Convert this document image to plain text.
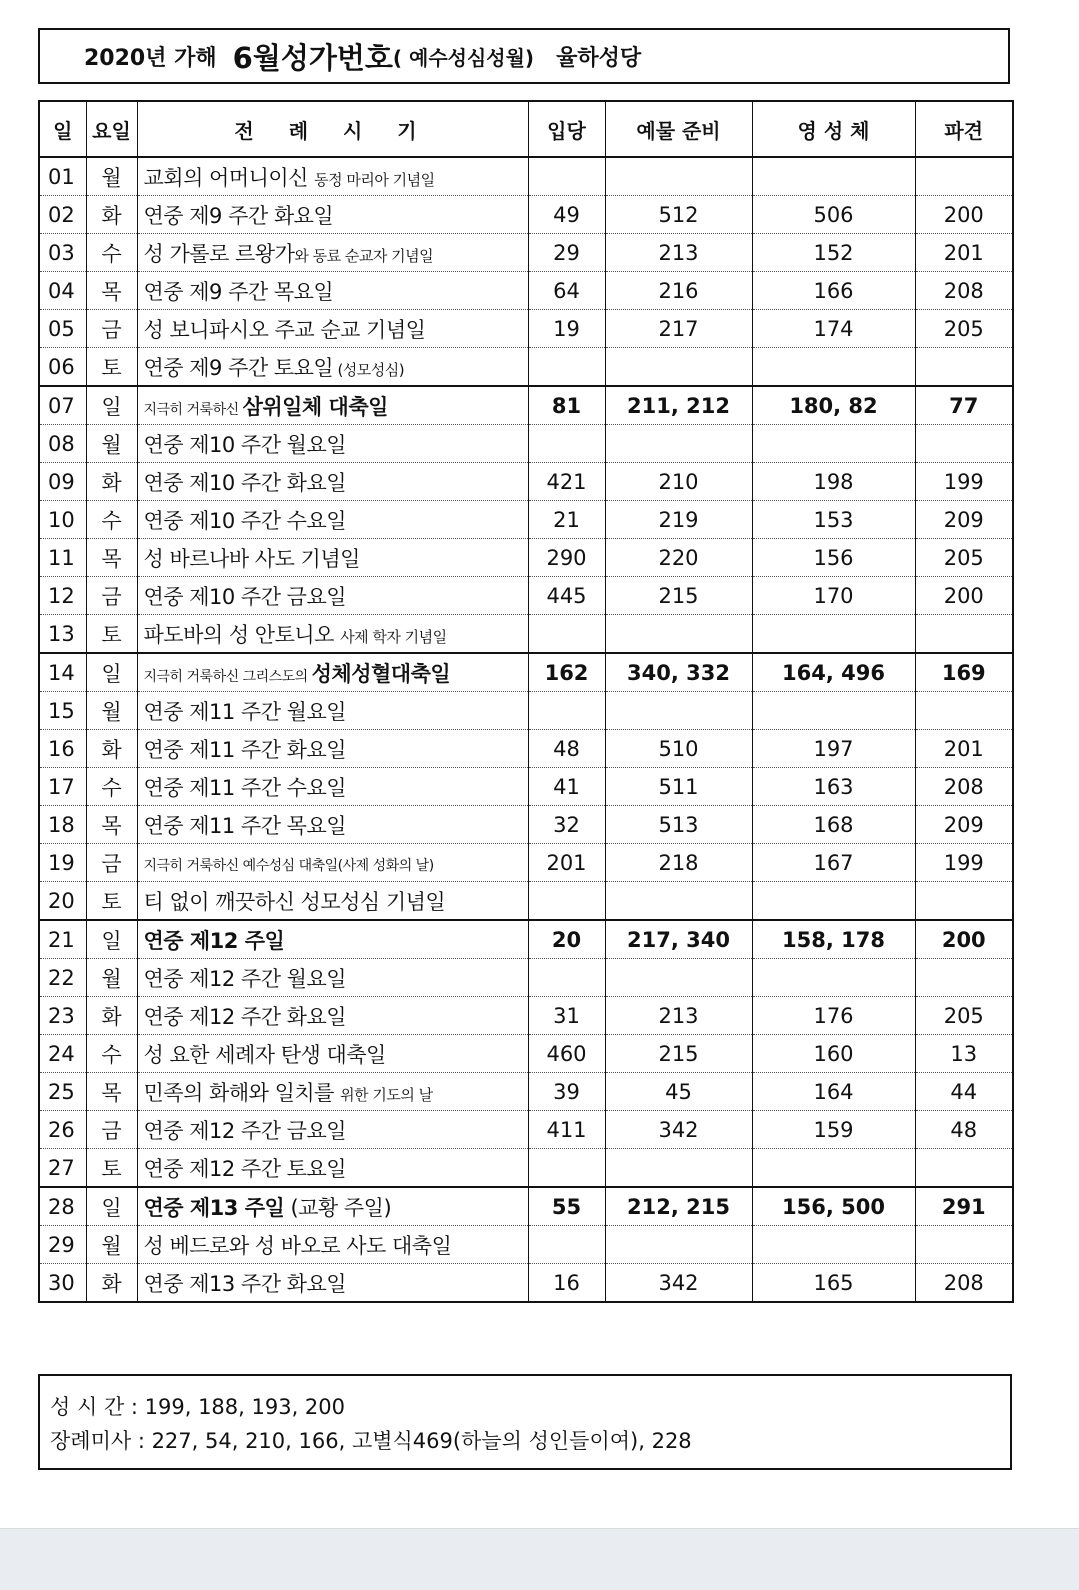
2020년 가해 6월성가번호 ( 예수성심성월) 율하성당
일	요일	전 례 시 기	입당	예물 준비	영 성 체	파견
01	월	교회의 어머니이신 동정 마리아 기념일				
02	화	연중 제9 주간 화요일	49	512	506	200
03	수	성 가롤로 르왕가와 동료 순교자 기념일	29	213	152	201
04	목	연중 제9 주간 목요일	64	216	166	208
05	금	성 보니파시오 주교 순교 기념일	19	217	174	205
06	토	연중 제9 주간 토요일 (성모성심)				
07	일	지극히 거룩하신 삼위일체 대축일	81	211, 212	180, 82	77
08	월	연중 제10 주간 월요일				
09	화	연중 제10 주간 화요일	421	210	198	199
10	수	연중 제10 주간 수요일	21	219	153	209
11	목	성 바르나바 사도 기념일	290	220	156	205
12	금	연중 제10 주간 금요일	445	215	170	200
13	토	파도바의 성 안토니오 사제 학자 기념일				
14	일	지극히 거룩하신 그리스도의 성체성혈대축일	162	340, 332	164, 496	169
15	월	연중 제11 주간 월요일				
16	화	연중 제11 주간 화요일	48	510	197	201
17	수	연중 제11 주간 수요일	41	511	163	208
18	목	연중 제11 주간 목요일	32	513	168	209
19	금	지극히 거룩하신 예수성심 대축일(사제 성화의 날)	201	218	167	199
20	토	티 없이 깨끗하신 성모성심 기념일				
21	일	연중 제12 주일	20	217, 340	158, 178	200
22	월	연중 제12 주간 월요일				
23	화	연중 제12 주간 화요일	31	213	176	205
24	수	성 요한 세례자 탄생 대축일	460	215	160	13
25	목	민족의 화해와 일치를 위한 기도의 날	39	45	164	44
26	금	연중 제12 주간 금요일	411	342	159	48
27	토	연중 제12 주간 토요일				
28	일	연중 제13 주일 (교황 주일)	55	212, 215	156, 500	291
29	월	성 베드로와 성 바오로 사도 대축일				
30	화	연중 제13 주간 화요일	16	342	165	208
성 시 간 : 199, 188, 193, 200
장례미사 : 227, 54, 210, 166, 고별식469(하늘의 성인들이여), 228
